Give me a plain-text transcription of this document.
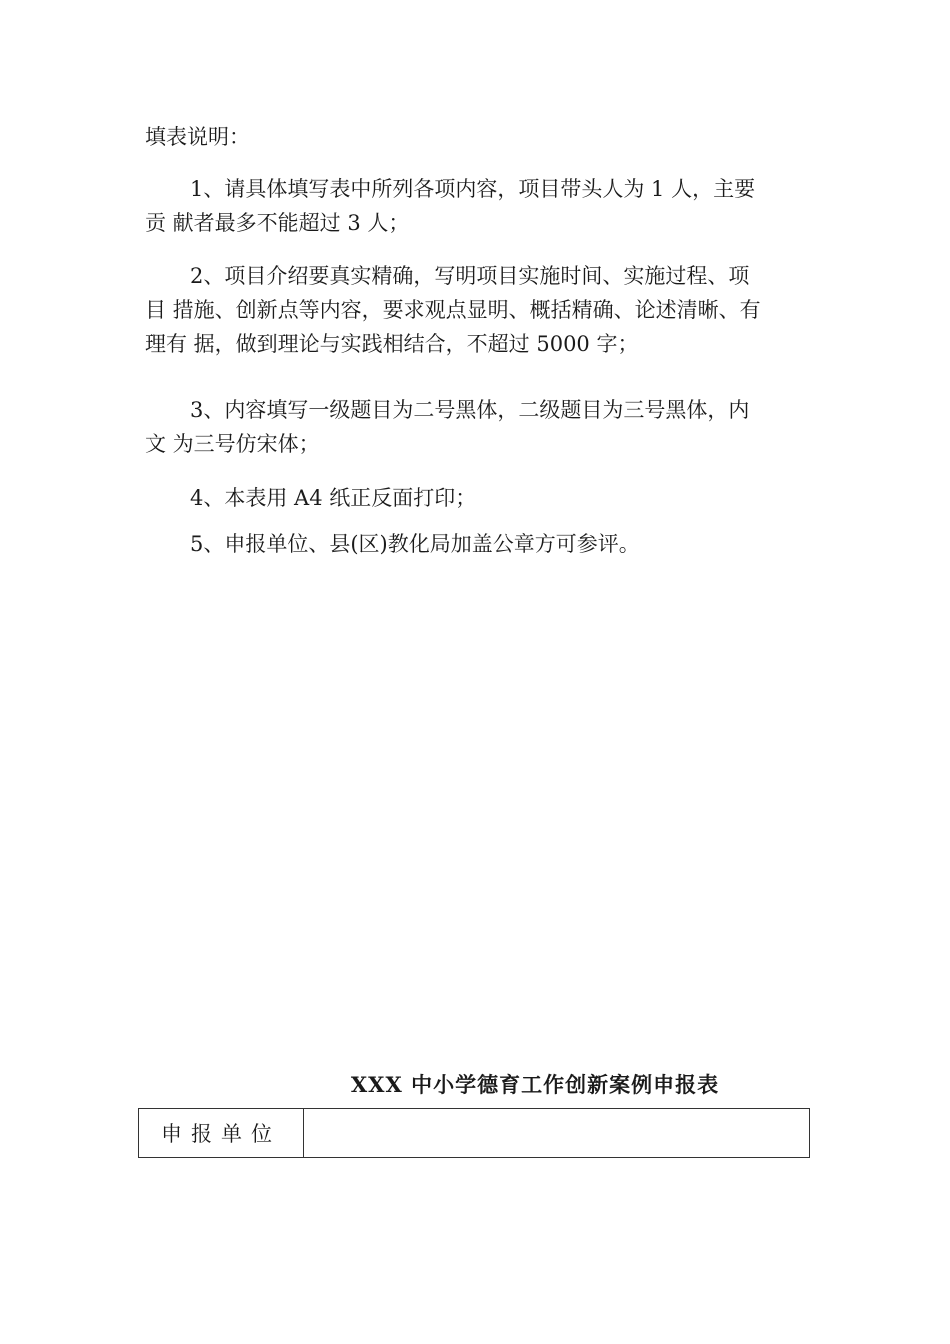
填表说明：

1、请具体填写表中所列各项内容，项目带头人为 1 人，主要
贡 献者最多不能超过 3 人；

2、项目介绍要真实精确，写明项目实施时间、实施过程、项
目 措施、创新点等内容，要求观点显明、概括精确、论述清晰、有
理有 据，做到理论与实践相结合，不超过 5000 字；

3、内容填写一级题目为二号黑体，二级题目为三号黑体，内
文 为三号仿宋体；

4、本表用 A4 纸正反面打印；

5、申报单位、县(区)教化局加盖公章方可参评。

XXX 中小学德育工作创新案例申报表
申报单位
